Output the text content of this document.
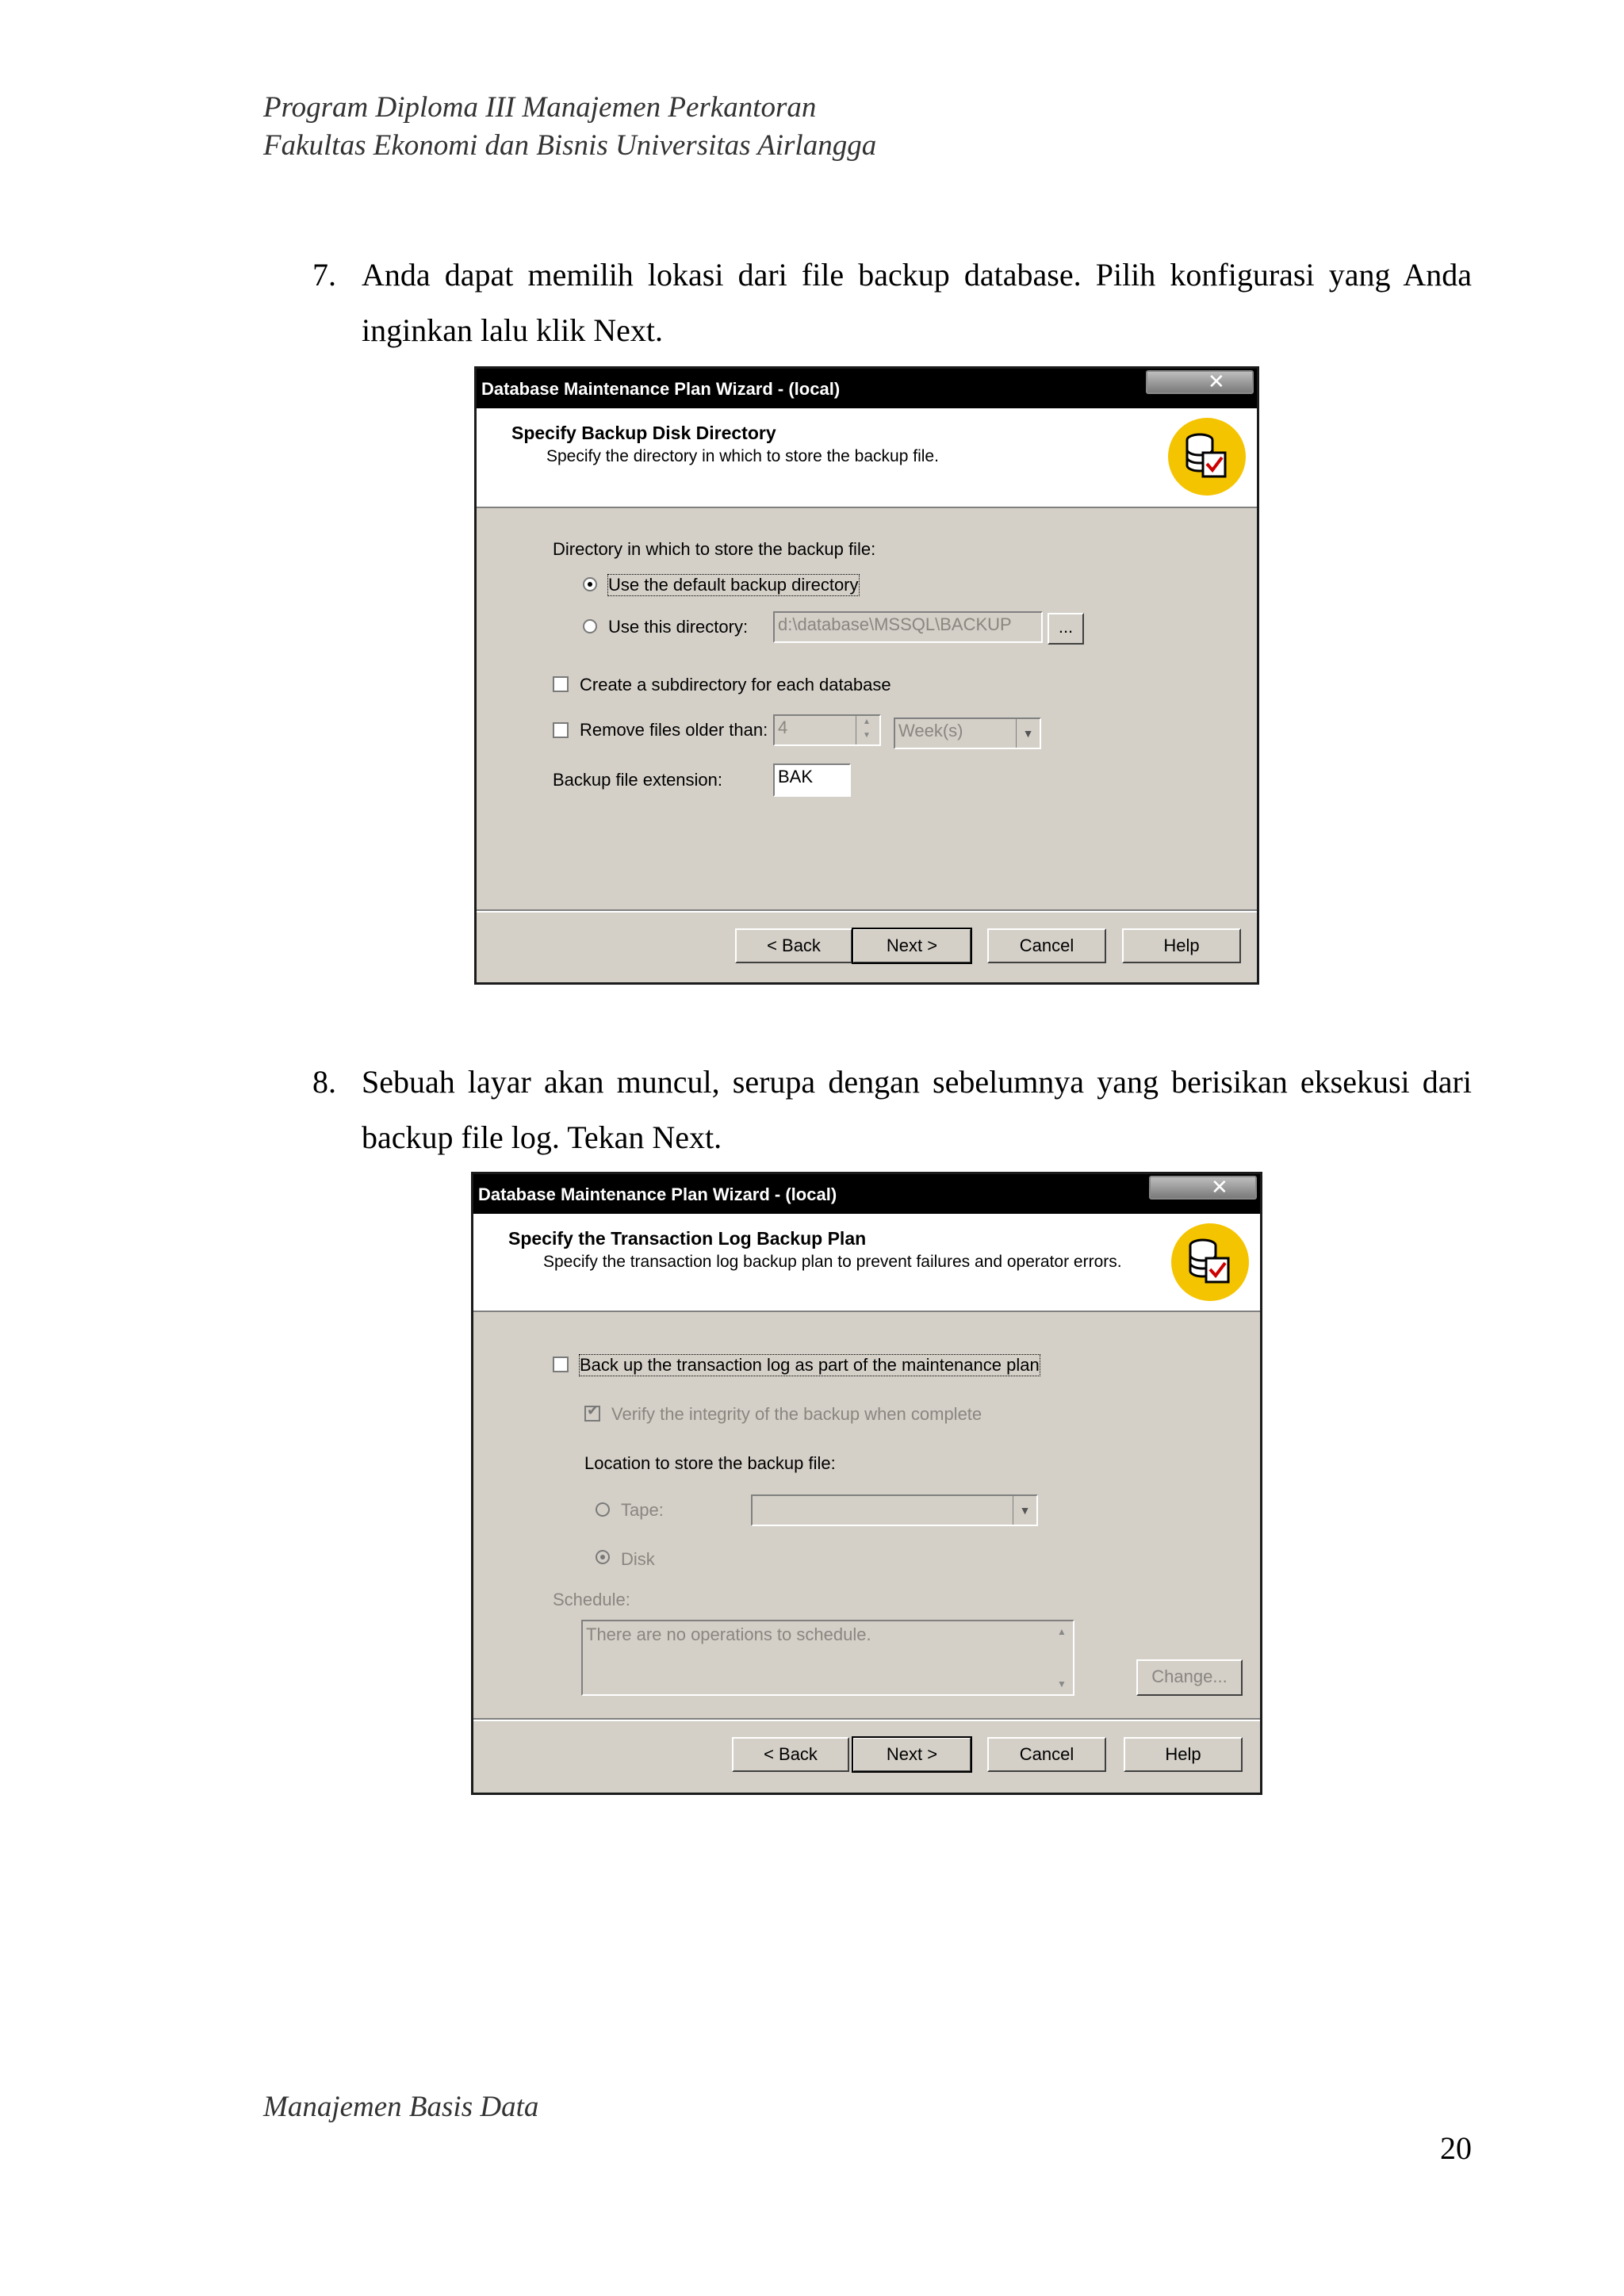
Program Diploma III Manajemen Perkantoran
Fakultas Ekonomi dan Bisnis Universitas Airlangga
7. Anda dapat memilih lokasi dari file backup database. Pilih konfigurasi yang Anda inginkan lalu klik Next.
Database Maintenance Plan Wizard - (local)	✕
Specify Backup Disk Directory
Specify the directory in which to store the backup file.
Directory in which to store the backup file:
Use the default backup directory
Use this directory: d:\database\MSSQL\BACKUP	...
Create a subdirectory for each database
Remove files older than: 4	▲
▼ Week(s)	▼
Backup file extension:	BAK
< Back	Next >	Cancel	Help
8. Sebuah layar akan muncul, serupa dengan sebelumnya yang berisikan eksekusi dari backup file log. Tekan Next.
Database Maintenance Plan Wizard - (local)	✕
Specify the Transaction Log Backup Plan
Specify the transaction log backup plan to prevent failures and operator errors.
Back up the transaction log as part of the maintenance plan
✔ Verify the integrity of the backup when complete
Location to store the backup file:
Tape:	▼
Disk
Schedule:
There are no operations to schedule.	▲
▼	Change...
< Back	Next >	Cancel	Help
Manajemen Basis Data
20
